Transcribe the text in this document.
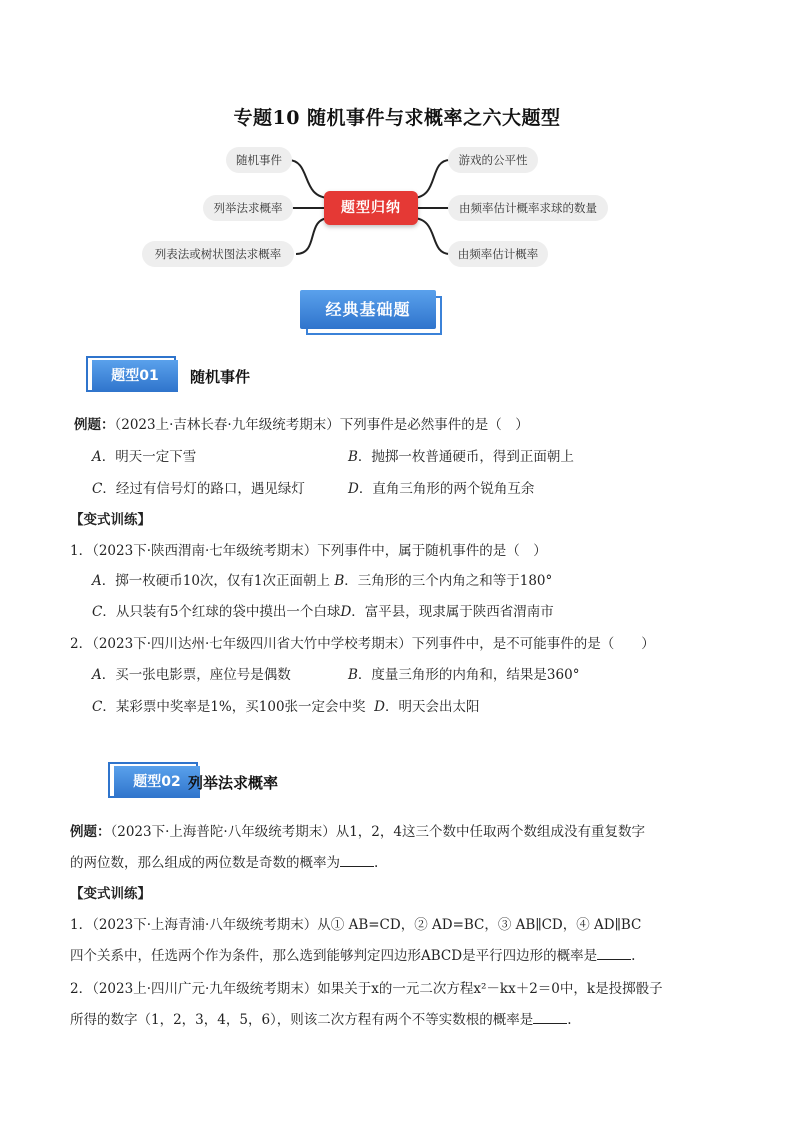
专题10 随机事件与求概率之六大题型
随机事件
列举法求概率
列表法或树状图法求概率
题型归纳
游戏的公平性
由频率估计概率求球的数量
由频率估计概率
经典基础题
题型01	随机事件
例题：（2023上·吉林长春·九年级统考期末）下列事件是必然事件的是（　）
A．明天一定下雪	B．抛掷一枚普通硬币，得到正面朝上
C．经过有信号灯的路口，遇见绿灯	D．直角三角形的两个锐角互余
【变式训练】
1．（2023下·陕西渭南·七年级统考期末）下列事件中，属于随机事件的是（　）
A．掷一枚硬币10次，仅有1次正面朝上 B．三角形的三个内角之和等于180°
C．从只装有5个红球的袋中摸出一个白球D．富平县，现隶属于陕西省渭南市
2．（2023下·四川达州·七年级四川省大竹中学校考期末）下列事件中，是不可能事件的是（　　）
A．买一张电影票，座位号是偶数	B．度量三角形的内角和，结果是360°
C．某彩票中奖率是1%，买100张一定会中奖 D．明天会出太阳
题型02 列举法求概率
例题：（2023下·上海普陀·八年级统考期末）从1，2，4这三个数中任取两个数组成没有重复数字
的两位数，那么组成的两位数是奇数的概率为	.
【变式训练】
1．（2023下·上海青浦·八年级统考期末）从① AB=CD，② AD=BC，③ AB∥CD，④ AD∥BC
四个关系中，任选两个作为条件，那么选到能够判定四边形ABCD是平行四边形的概率是	.
2．（2023上·四川广元·九年级统考期末）如果关于x的一元二次方程x²－kx＋2＝0中，k是投掷骰子
所得的数字（1，2，3，4，5，6），则该二次方程有两个不等实数根的概率是	.
